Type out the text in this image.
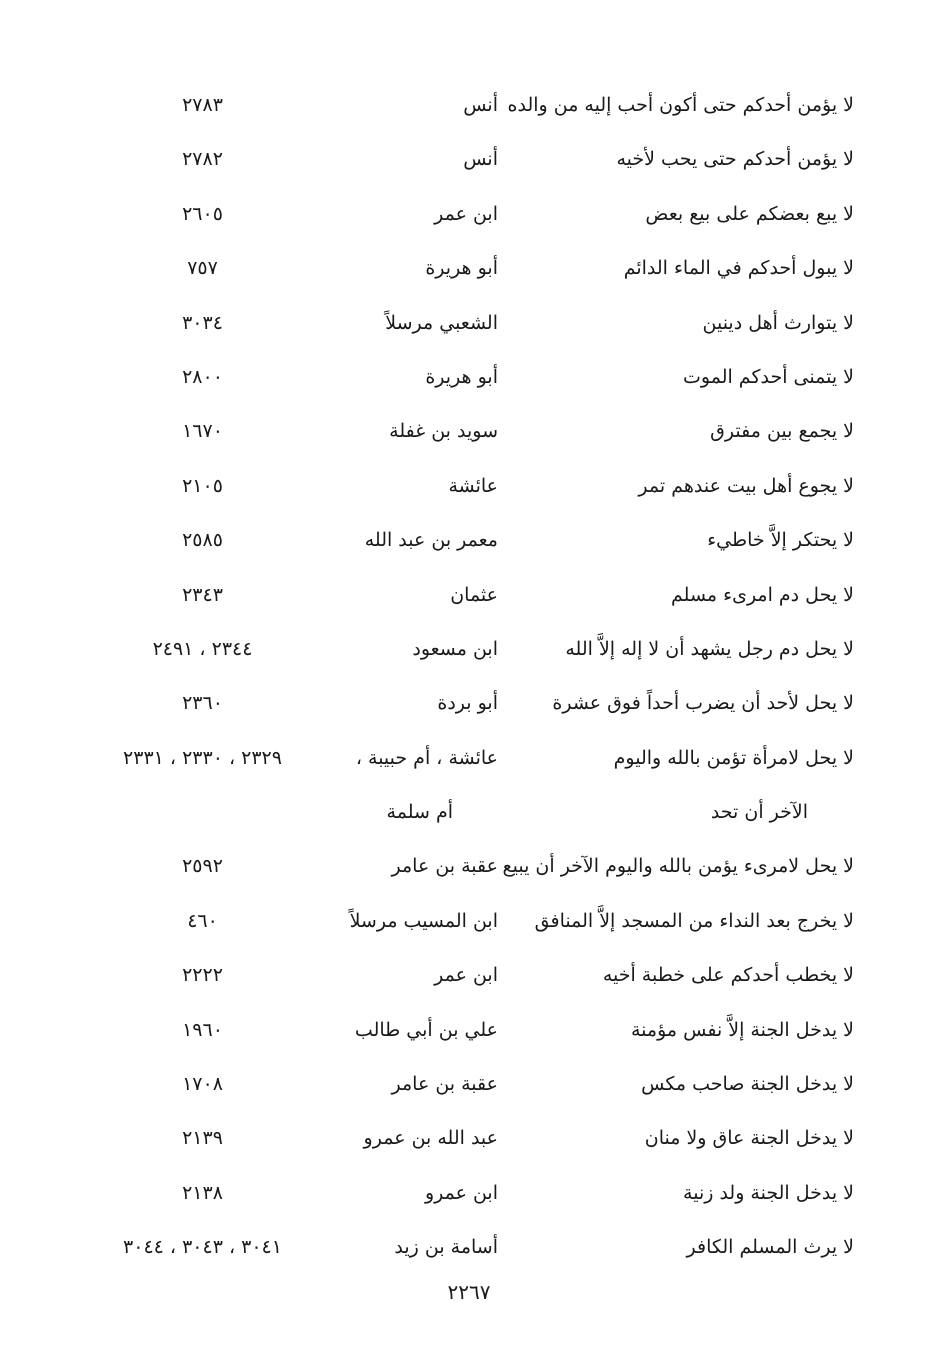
لا يؤمن أحدكم حتى أكون أحب إليه من والده
أنس
٢٧٨٣
لا يؤمن أحدكم حتى يحب لأخيه
أنس
٢٧٨٢
لا يبع بعضكم على بيع بعض
ابن عمر
٢٦٠٥
لا يبول أحدكم في الماء الدائم
أبو هريرة
٧٥٧
لا يتوارث أهل دينين
الشعبي مرسلاً
٣٠٣٤
لا يتمنى أحدكم الموت
أبو هريرة
٢٨٠٠
لا يجمع بين مفترق
سويد بن غفلة
١٦٧٠
لا يجوع أهل بيت عندهم تمر
عائشة
٢١٠٥
لا يحتكر إلاَّ خاطيء
معمر بن عبد الله
٢٥٨٥
لا يحل دم امرىء مسلم
عثمان
٢٣٤٣
لا يحل دم رجل يشهد أن لا إله إلاَّ الله
ابن مسعود
٢٣٤٤ ، ٢٤٩١
لا يحل لأحد أن يضرب أحداً فوق عشرة
أبو بردة
٢٣٦٠
لا يحل لامرأة تؤمن بالله واليوم
عائشة ، أم حبيبة ،
٢٣٢٩ ، ٢٣٣٠ ، ٢٣٣١
الآخر أن تحد
أم سلمة
لا يحل لامرىء يؤمن بالله واليوم الآخر أن يبيع
عقبة بن عامر
٢٥٩٢
لا يخرج بعد النداء من المسجد إلاَّ المنافق
ابن المسيب مرسلاً
٤٦٠
لا يخطب أحدكم على خطبة أخيه
ابن عمر
٢٢٢٢
لا يدخل الجنة إلاَّ نفس مؤمنة
علي بن أبي طالب
١٩٦٠
لا يدخل الجنة صاحب مكس
عقبة بن عامر
١٧٠٨
لا يدخل الجنة عاق ولا منان
عبد الله بن عمرو
٢١٣٩
لا يدخل الجنة ولد زنية
ابن عمرو
٢١٣٨
لا يرث المسلم الكافر
أسامة بن زيد
٣٠٤١ ، ٣٠٤٣ ، ٣٠٤٤
٢٢٦٧
